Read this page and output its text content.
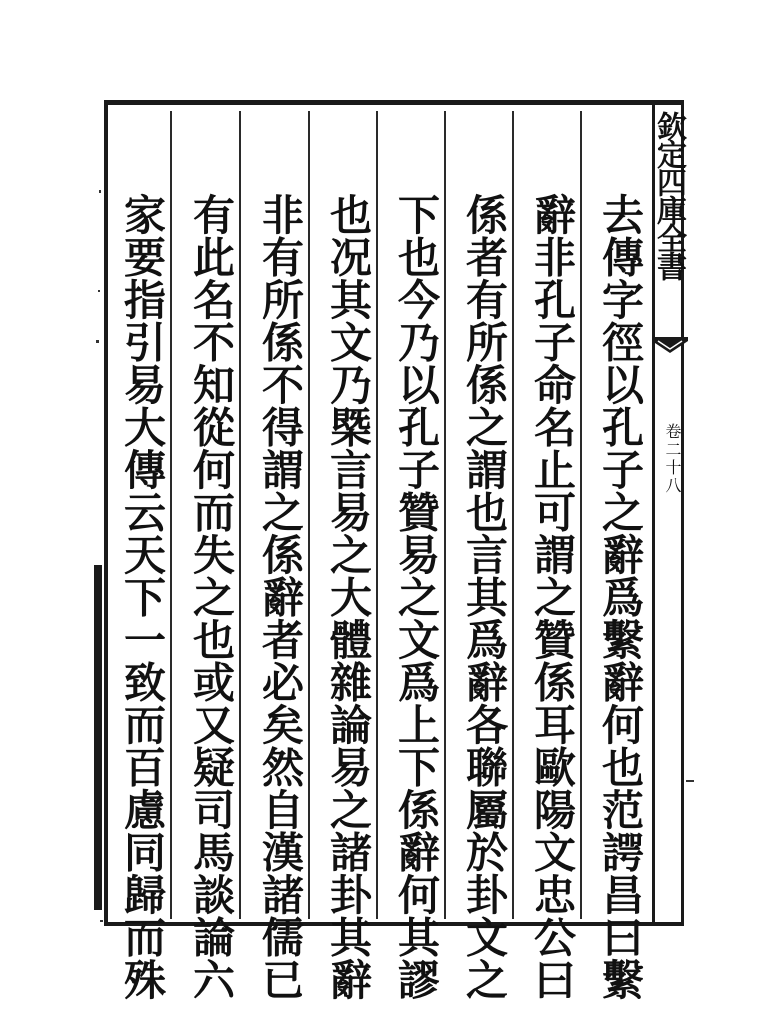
家要指引易大傳云天下一致而百慮同歸而殊 有此名不知從何而失之也或又疑司馬談論六 非有所係不得謂之係辭者必矣然自漢諸儒已 也况其文乃槩言易之大體雜論易之諸卦其辭 下也今乃以孔子贊易之文爲上下係辭何其謬 係者有所係之謂也言其爲辭各聯屬於卦文之 辭非孔子命名止可謂之贊係耳歐陽文忠公曰 去傳字徑以孔子之辭爲繫辭何也范諤昌曰繫 欽定四庫全書
卷二十八
